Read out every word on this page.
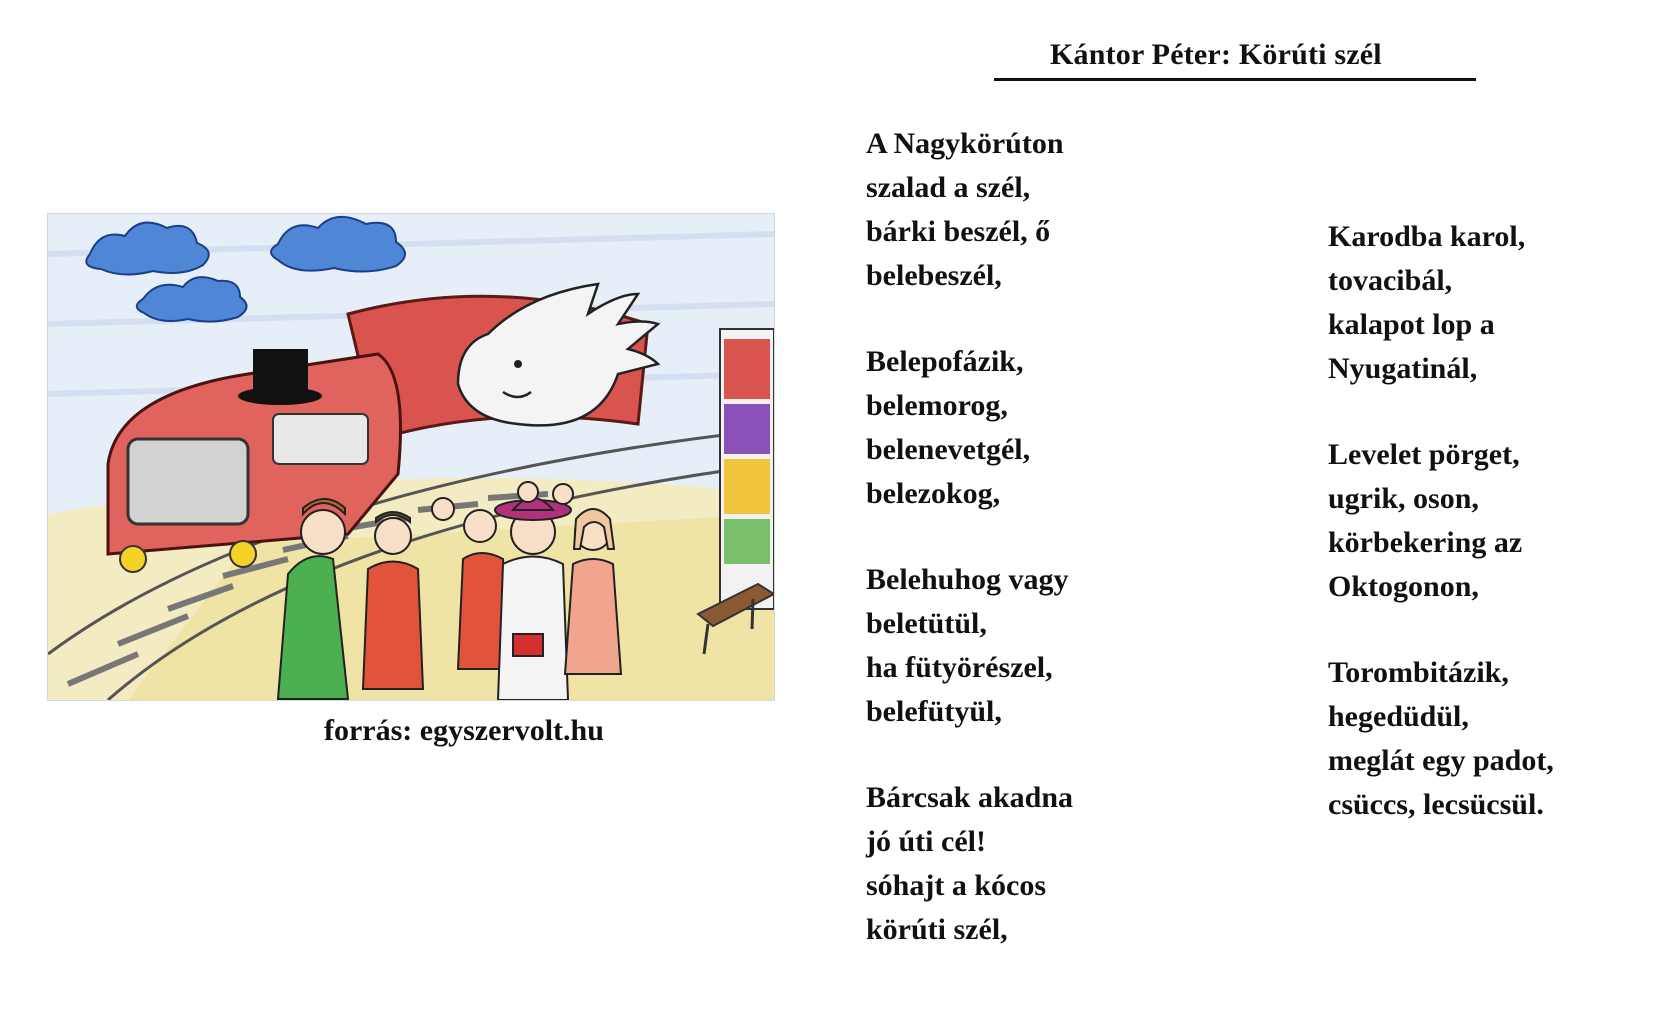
Kántor Péter: Körúti szél
forrás: egyszervolt.hu
A Nagykörúton
szalad a szél,
bárki beszél, ő
belebeszél,
Belepofázik,
belemorog,
belenevetgél,
belezokog,
Belehuhog vagy
beletütül,
ha fütyörészel,
belefütyül,
Bárcsak akadna
jó úti cél!
sóhajt a kócos
körúti szél,
Karodba karol,
tovacibál,
kalapot lop a
Nyugatinál,
Levelet pörget,
ugrik, oson,
körbekering az
Oktogonon,
Torombitázik,
hegedüdül,
meglát egy padot,
csüccs, lecsücsül.
